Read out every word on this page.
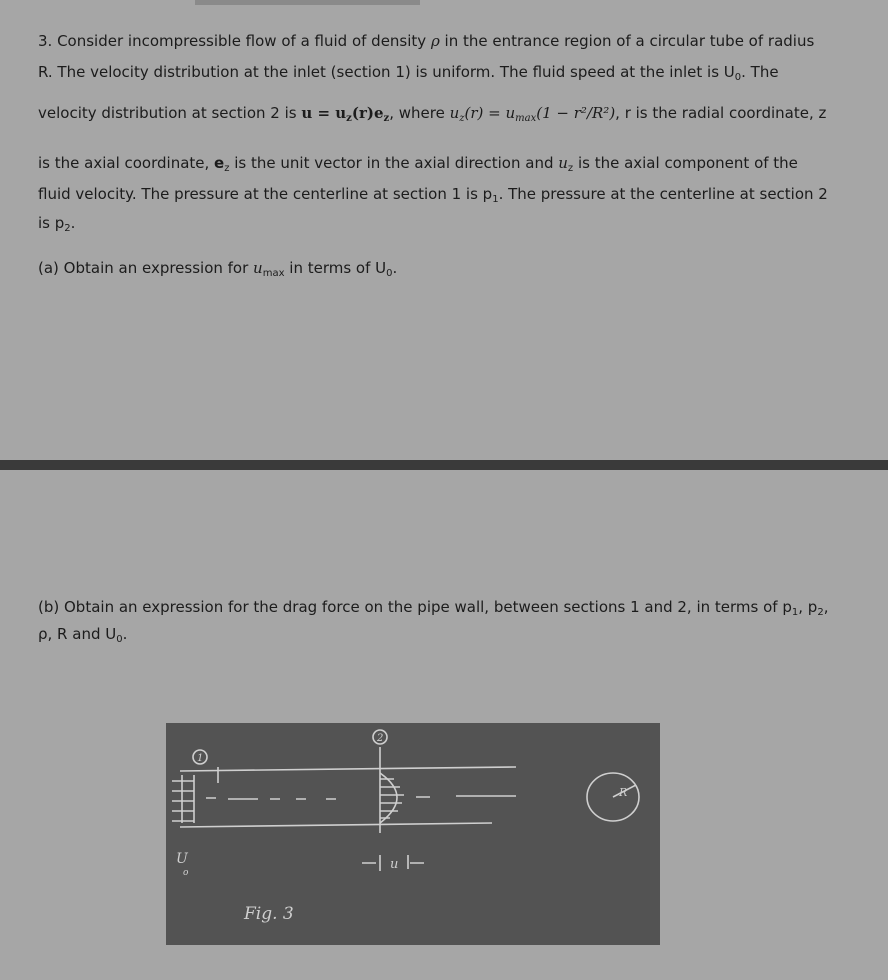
3. Consider incompressible flow of a fluid of density ρ in the entrance region of a circular tube of radius
R. The velocity distribution at the inlet (section 1) is uniform. The fluid speed at the inlet is $U_0$. The
velocity distribution at section 2 is $u = u_z(r)e_z$, where $u_z(r) = u_{max}(1 - r^2/R^2)$, r is the radial coordinate, z
is the axial coordinate, $e_z$ is the unit vector in the axial direction and $u_z$ is the axial component of the
fluid velocity. The pressure at the centerline at section 1 is $p_1$. The pressure at the centerline at section 2
is $p_2$.
(a) Obtain an expression for $u_{max}$ in terms of $U_0$.
(b) Obtain an expression for the drag force on the pipe wall, between sections 1 and 2, in terms of $p_1$, $p_2$,
ρ, R and $U_0$.
1
2
U
o
u
R
Fig. 3
